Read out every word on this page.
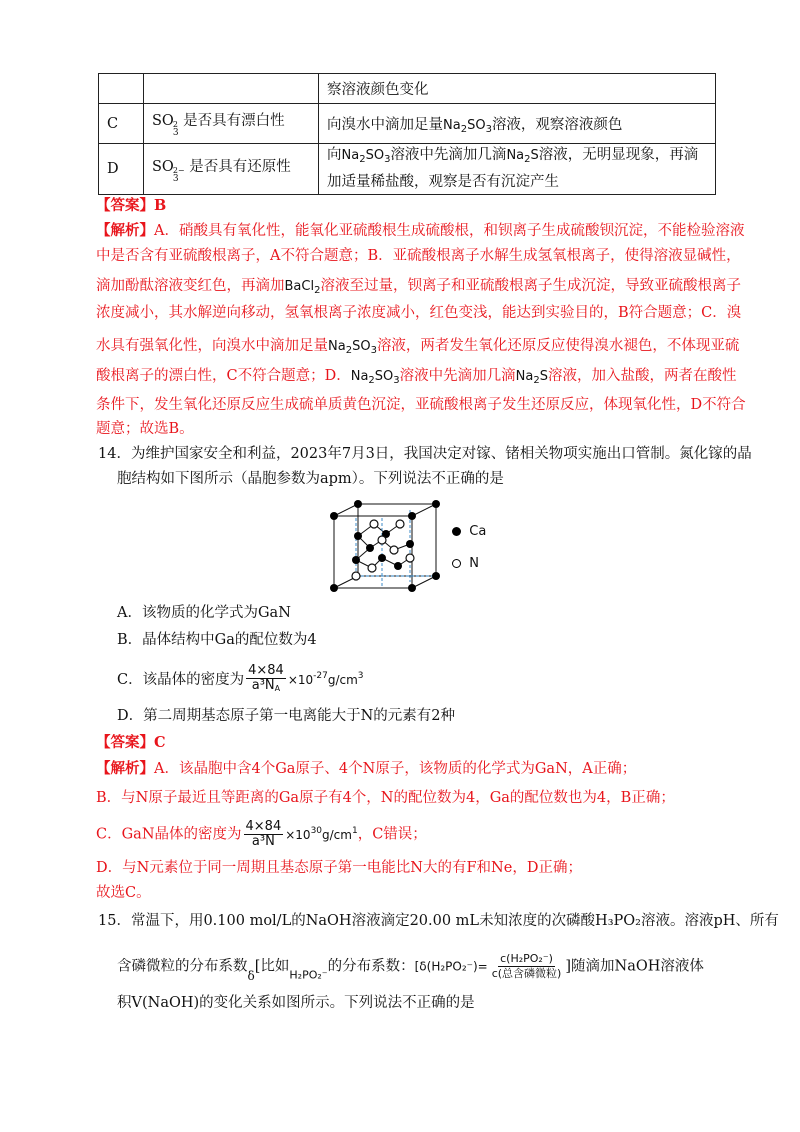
		察溶液颜色变化
C	SO 2
3
是否具有漂白性	向溴水中滴加足量$Na_2SO_3$溶液，观察溶液颜色
D	SO 2−
3
是否具有还原性	向$Na_2SO_3$溶液中先滴加几滴$Na_2S$溶液，无明显现象，再滴
加适量稀盐酸，观察是否有沉淀产生
【答案】B
【解析】A．硝酸具有氧化性，能氧化亚硫酸根生成硫酸根，和钡离子生成硫酸钡沉淀，不能检验溶液
中是否含有亚硫酸根离子，A不符合题意；B．亚硫酸根离子水解生成氢氧根离子，使得溶液显碱性，
滴加酚酞溶液变红色，再滴加BaCl$_2$溶液至过量，钡离子和亚硫酸根离子生成沉淀，导致亚硫酸根离子
浓度减小，其水解逆向移动，氢氧根离子浓度减小，红色变浅，能达到实验目的，B符合题意；C．溴
水具有强氧化性，向溴水中滴加足量$Na_2SO_3$溶液，两者发生氧化还原反应使得溴水褪色，不体现亚硫
酸根离子的漂白性，C不符合题意；D．$Na_2SO_3$溶液中先滴加几滴$Na_2S$溶液，加入盐酸，两者在酸性
条件下，发生氧化还原反应生成硫单质黄色沉淀，亚硫酸根离子发生还原反应，体现氧化性，D不符合
题意；故选B。
14．为维护国家安全和利益，2023年7月3日，我国决定对镓、锗相关物项实施出口管制。氮化镓的晶
胞结构如下图所示（晶胞参数为apm）。下列说法不正确的是
Ca
N
A．该物质的化学式为GaN
B．晶体结构中Ga的配位数为4
C．该晶体的密度为 $\frac{4\times 84}{a^3N_A} \times 10^{-27}g/cm^3$
D．第二周期基态原子第一电离能大于N的元素有2种
【答案】C
【解析】A．该晶胞中含4个Ga原子、4个N原子，该物质的化学式为GaN，A正确；
B．与N原子最近且等距离的Ga原子有4个，N的配位数为4，Ga的配位数也为4，B正确；
C．GaN晶体的密度为 $\frac{4\times 84}{\text{a³N}} \times 10^{30}g/cm^1$，C错误；
D．与N元素位于同一周期且基态原子第一电能比N大的有F和Ne，D正确；
故选C。
15．常温下，用0.100 mol/L的NaOH溶液滴定20.00 mL未知浓度的次磷酸H₃PO₂溶液。溶液pH、所有
含磷微粒的分布系数δ[比如$_{H_2PO_2^-}$的分布系数：[$\delta(H_2PO_2^-)= \frac{\text{c(H₂PO₂⁻)}}{\text{c(总含磷微粒)}}$ ]随滴加NaOH溶液体
积V(NaOH)的变化关系如图所示。下列说法不正确的是
